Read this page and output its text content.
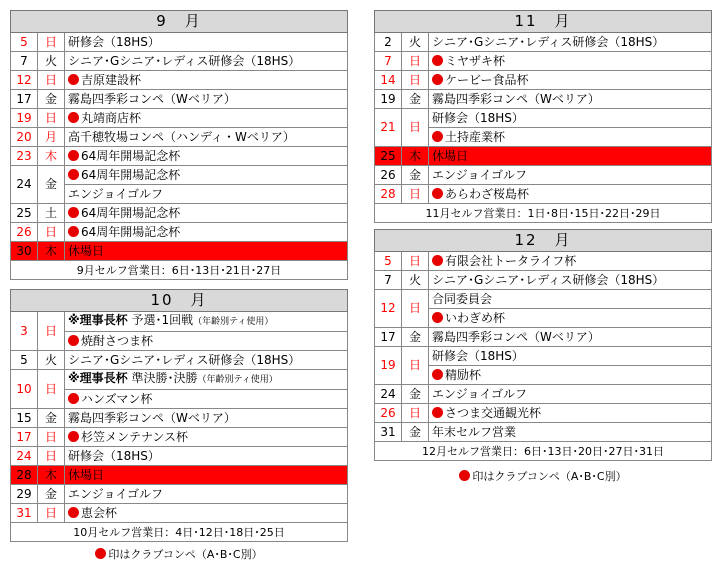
9　月		
5	日	研修会（18HS）
7	火	シニア･Gシニア･レディス研修会（18HS）
12	日	吉原建設杯
17	金	霧島四季彩コンペ（Wベリア）
19	日	丸靖商店杯
20	月	高千穂牧場コンペ（ハンディ・Wベリア）
23	木	64周年開場記念杯
24	金	64周年開場記念杯
		エンジョイゴルフ
25	土	64周年開場記念杯
26	日	64周年開場記念杯
30	木	休場日
9月セルフ営業日：6日･13日･21日･27日		
10　月		
3	日	※理事長杯 予選･1回戦（年齢別ティ使用）
		焼酎さつま杯
5	火	シニア･Gシニア･レディス研修会（18HS）
10	日	※理事長杯 準決勝･決勝（年齢別ティ使用）
		ハンズマン杯
15	金	霧島四季彩コンペ（Wベリア）
17	日	杉笠メンテナンス杯
24	日	研修会（18HS）
28	木	休場日
29	金	エンジョイゴルフ
31	日	恵会杯
10月セルフ営業日：4日･12日･18日･25日		
印はクラブコンペ（A･B･C別）
11　月		
2	火	シニア･Gシニア･レディス研修会（18HS）
7	日	ミヤザキ杯
14	日	ケービー食品杯
19	金	霧島四季彩コンペ（Wベリア）
21	日	研修会（18HS）
		土持産業杯
25	木	休場日
26	金	エンジョイゴルフ
28	日	あらわざ桜島杯
11月セルフ営業日：1日･8日･15日･22日･29日		
12　月		
5	日	有限会社トータライフ杯
7	火	シニア･Gシニア･レディス研修会（18HS）
12	日	合同委員会
		いわぎめ杯
17	金	霧島四季彩コンペ（Wベリア）
19	日	研修会（18HS）
		精励杯
24	金	エンジョイゴルフ
26	日	さつま交通観光杯
31	金	年末セルフ営業
12月セルフ営業日：6日･13日･20日･27日･31日		
印はクラブコンペ（A･B･C別）
